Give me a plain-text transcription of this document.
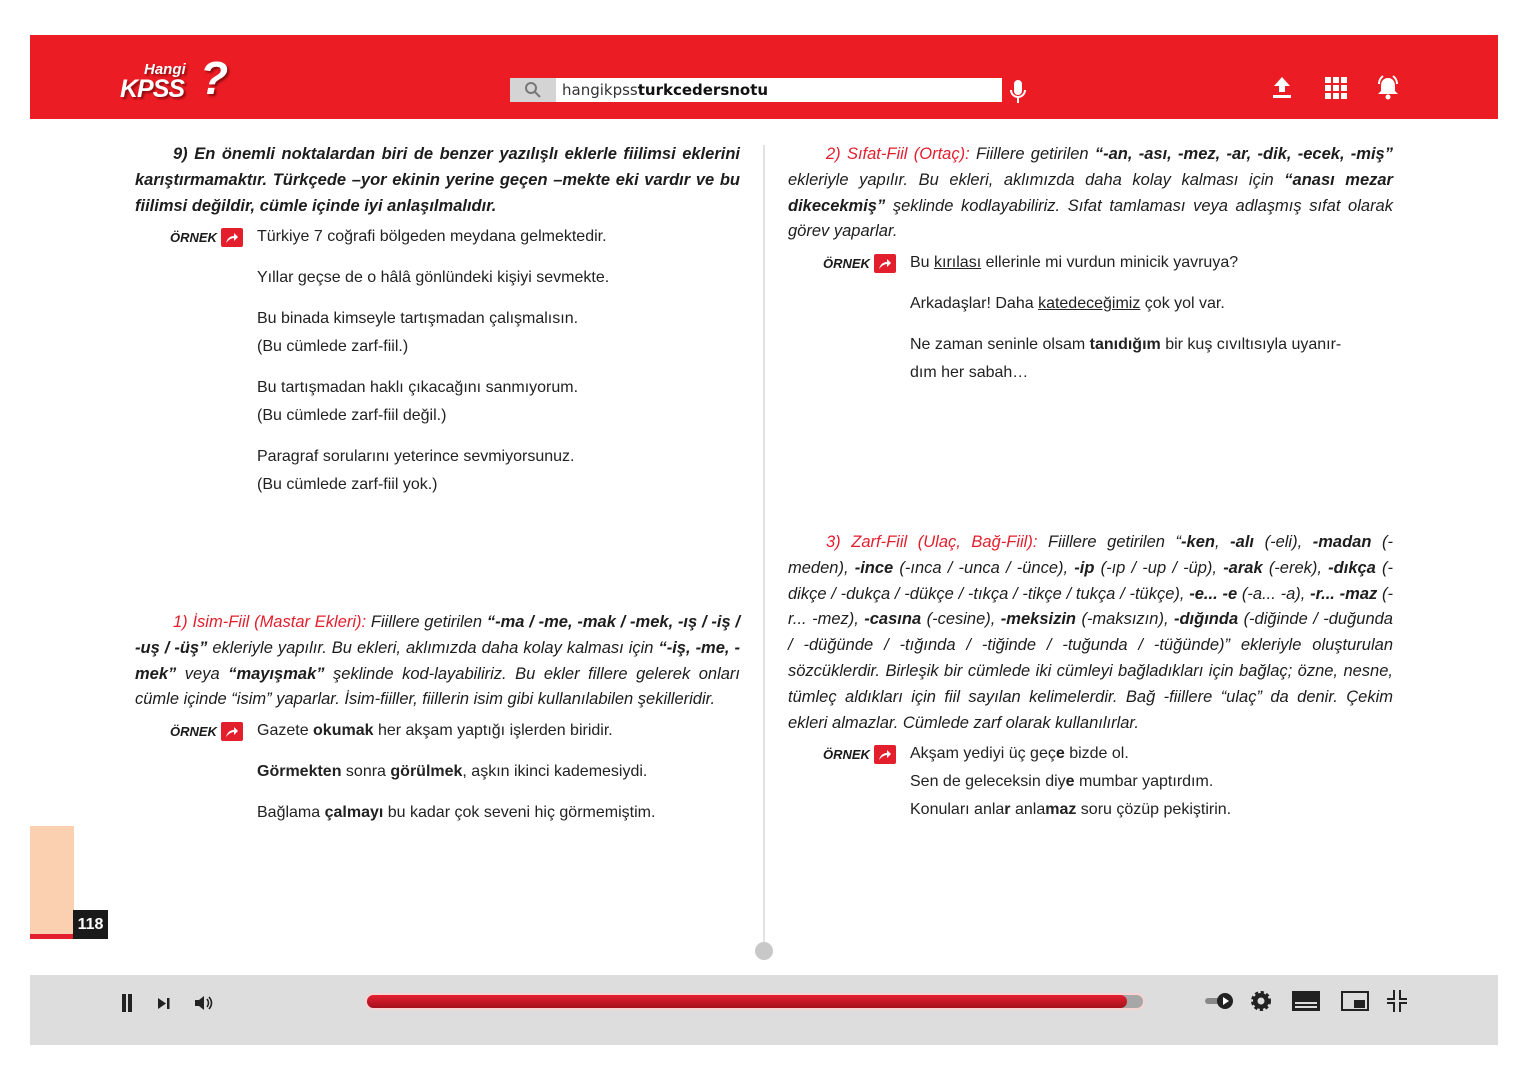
Hangi
KPSS ?	hangikpssturkcedersnotu
9) En önemli noktalardan biri de benzer yazılışlı eklerle fiilimsi eklerini karıştırmamaktır. Türkçede –yor ekinin yerine geçen –mekte eki vardır ve bu fiilimsi değildir, cümle içinde iyi anlaşılmalıdır.
ÖRNEK	Türkiye 7 coğrafi bölgeden meydana gelmektedir.
Yıllar geçse de o hâlâ gönlündeki kişiyi sevmekte.
Bu binada kimseyle tartışmadan çalışmalısın.
(Bu cümlede zarf-fiil.)
Bu tartışmadan haklı çıkacağını sanmıyorum.
(Bu cümlede zarf-fiil değil.)
Paragraf sorularını yeterince sevmiyorsunuz.
(Bu cümlede zarf-fiil yok.)
1) İsim-Fiil (Mastar Ekleri): Fiillere getirilen “-ma / -me, -mak / -mek, -ış / -iş / -uş / -üş” ekleriyle yapılır. Bu ekleri, aklımızda daha kolay kalması için “-iş, -me, -mek” veya “mayışmak” şeklinde kod-layabiliriz. Bu ekler fillere gelerek onları cümle içinde “isim” yaparlar. İsim-fiiller, fiillerin isim gibi kullanılabilen şekilleridir.
ÖRNEK	Gazete okumak her akşam yaptığı işlerden biridir.
Görmekten sonra görülmek, aşkın ikinci kademesiydi.
Bağlama çalmayı bu kadar çok seveni hiç görmemiştim.
118
2) Sıfat-Fiil (Ortaç): Fiillere getirilen “-an, -ası, -mez, -ar, -dik, -ecek, -miş” ekleriyle yapılır. Bu ekleri, aklımızda daha kolay kalması için “anası mezar dikecekmiş” şeklinde kodlayabiliriz. Sıfat tamlaması veya adlaşmış sıfat olarak görev yaparlar.
ÖRNEK	Bu kırılası ellerinle mi vurdun minicik yavruya?
Arkadaşlar! Daha katedeceğimiz çok yol var.
Ne zaman seninle olsam tanıdığım bir kuş cıvıltısıyla uyanır-
dım her sabah…
3) Zarf-Fiil (Ulaç, Bağ-Fiil): Fiillere getirilen “-ken, -alı (-eli), -madan (-meden), -ince (-ınca / -unca / -ünce), -ip (-ıp / -up / -üp), -arak (-erek), -dıkça (-dikçe / -dukça / -dükçe / -tıkça / -tikçe / tukça / -tükçe), -e... -e (-a... -a), -r... -maz (-r... -mez), -casına (-cesine), -meksizin (-maksızın), -dığında (-diğinde / -duğunda / -düğünde / -tığında / -tiğinde / -tuğunda / -tüğünde)” ekleriyle oluşturulan sözcüklerdir. Birleşik bir cümlede iki cümleyi bağladıkları için bağlaç; özne, nesne, tümleç aldıkları için fiil sayılan kelimelerdir. Bağ -fiillere “ulaç” da denir. Çekim ekleri almazlar. Cümlede zarf olarak kullanılırlar.
ÖRNEK	Akşam yediyi üç geçe bizde ol.
Sen de geleceksin diye mumbar yaptırdım.
Konuları anlar anlamaz soru çözüp pekiştirin.
